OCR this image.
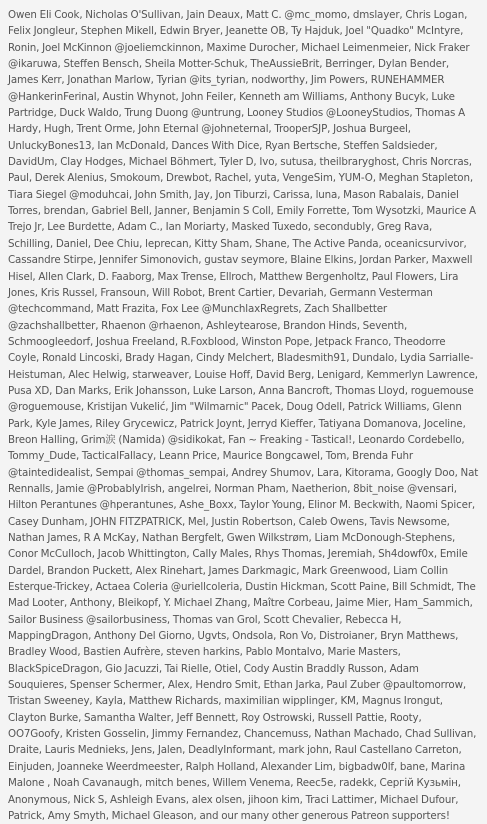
Owen Eli Cook, Nicholas O'Sullivan, Jain Deaux, Matt C. @mc_momo, dmslayer, Chris Logan, Felix Jongleur, Stephen Mikell, Edwin Bryer, Jeanette OB, Ty Hajduk, Joel "Quadko" McIntyre, Ronin, Joel McKinnon @joeliemckinnon, Maxime Durocher, Michael Leimenmeier, Nick Fraker @ikaruwa, Steffen Bensch, Sheila Motter-Schuk, TheAussieBrit, Berringer, Dylan Bender, James Kerr, Jonathan Marlow, Tyrian @its_tyrian, nodworthy, Jim Powers, RUNEHAMMER @HankerinFerinal, Austin Whynot, John Feiler, Kenneth am Williams, Anthony Bucyk, Luke Partridge, Duck Waldo, Trung Duong @untrung, Looney Studios @LooneyStudios, Thomas A Hardy, Hugh, Trent Orme, John Eternal @johneternal, TrooperSJP, Joshua Burgeel, UnluckyBones13, Ian McDonald, Dances With Dice, Ryan Bertsche, Steffen Saldsieder, DavidUm, Clay Hodges, Michael Böhmert, Tyler D, Ivo, sutusa, theilbraryghost, Chris Norcras, Paul, Derek Alenius, Smokoum, Drewbot, Rachel, yuta, VengeSim, YUM-O, Meghan Stapleton, Tiara Siegel @moduhcai, John Smith, Jay, Jon Tiburzi, Carissa, luna, Mason Rabalais, Daniel Torres, brendan, Gabriel Bell, Janner, Benjamin S Coll, Emily Forrette, Tom Wysotzki, Maurice A Trejo Jr, Lee Burdette, Adam C., Ian Moriarty, Masked Tuxedo, secondubly, Greg Rava, Schilling, Daniel, Dee Chiu, leprecan, Kitty Sham, Shane, The Active Panda, oceanicsurvivor, Cassandre Stirpe, Jennifer Simonovich, gustav seymore, Blaine Elkins, Jordan Parker, Maxwell Hisel, Allen Clark, D. Faaborg, Max Trense, Ellroch, Matthew Bergenholtz, Paul Flowers, Lira Jones, Kris Russel, Fransoun, Will Robot, Brent Cartier, Devariah, Germann Vesterman @techcommand, Matt Frazita, Fox Lee @MunchlaxRegrets, Zach Shallbetter @zachshallbetter, Rhaenon @rhaenon, Ashleytearose, Brandon Hinds, Seventh, Schmoogleedorf, Joshua Freeland, R.Foxblood, Winston Pope, Jetpack Franco, Theodorre Coyle, Ronald Lincoski, Brady Hagan, Cindy Melchert, Bladesmith91, Dundalo, Lydia Sarrialle-Heistuman, Alec Helwig, starweaver, Louise Hoff, David Berg, Lenigard, Kemmerlyn Lawrence, Pusa XD, Dan Marks, Erik Johansson, Luke Larson, Anna Bancroft, Thomas Lloyd, roguemouse @roguemouse, Kristijan Vukelić, Jim "Wilmarnic" Pacek, Doug Odell, Patrick Williams, Glenn Park, Kyle James, Riley Grycewicz, Patrick Joynt, Jerryd Kieffer, Tatiyana Domanova, Joceline, Breon Halling, Grim涙 (Namida) @sidikokat, Fan ~ Freaking - Tastical!, Leonardo Cordebello, Tommy_Dude, TacticalFallacy, Leann Price, Maurice Bongcawel, Tom, Brenda Fuhr @taintedidealist, Sempai @thomas_sempai, Andrey Shumov, Lara, Kitorama, Googly Doo, Nat Rennalls, Jamie @ProbablyIrish, angelrei, Norman Pham, Naetherion, 8bit_noise @vensari, Hilton Perantunes @hperantunes, Ashe_Boxx, Taylor Young, Elinor M. Beckwith, Naomi Spicer, Casey Dunham, JOHN FITZPATRICK, Mel, Justin Robertson, Caleb Owens, Tavis Newsome, Nathan James, R A McKay, Nathan Bergfelt, Gwen Wilkstrøm, Liam McDonough-Stephens, Conor McCulloch, Jacob Whittington, Cally Males, Rhys Thomas, Jeremiah, Sh4dowf0x, Emile Dardel, Brandon Puckett, Alex Rinehart, James Darkmagic, Mark Greenwood, Liam Collin Esterque-Trickey, Actaea Coleria @uriellcoleria, Dustin Hickman, Scott Paine, Bill Schmidt, The Mad Looter, Anthony, Bleikopf, Y. Michael Zhang, Maître Corbeau, Jaime Mier, Ham_Sammich, Sailor Business @sailorbusiness, Thomas van Grol, Scott Chevalier, Rebecca H, MappingDragon, Anthony Del Giorno, Ugvts, Ondsola, Ron Vo, Distroianer, Bryn Matthews, Bradley Wood, Bastien Aufrère, steven harkins, Pablo Montalvo, Marie Masters, BlackSpiceDragon, Gio Jacuzzi, Tai Rielle, Otiel, Cody Austin Braddly Russon, Adam Souquieres, Spenser Schermer, Alex, Hendro Smit, Ethan Jarka, Paul Zuber @paultomorrow, Tristan Sweeney, Kayla, Matthew Richards, maximilian wipplinger, KM, Magnus Irongut, Clayton Burke, Samantha Walter, Jeff Bennett, Roy Ostrowski, Russell Pattie, Rooty, OO7Goofy, Kristen Gosselin, Jimmy Fernandez, Chancemuss, Nathan Machado, Chad Sullivan, Draite, Lauris Mednieks, Jens, Jalen, DeadlyInformant, mark john, Raul Castellano Carreton, Einjuden, Joanneke Weerdmeester, Ralph Holland, Alexander Lim, bigbadw0lf, bane, Marina Malone , Noah Cavanaugh, mitch benes, Willem Venema, Reec5e, radekk, Сергій Кузьмін, Anonymous, Nick S, Ashleigh Evans, alex olsen, jihoon kim, Traci Lattimer, Michael Dufour, Patrick, Amy Smyth, Michael Gleason, and our many other generous Patreon supporters!
